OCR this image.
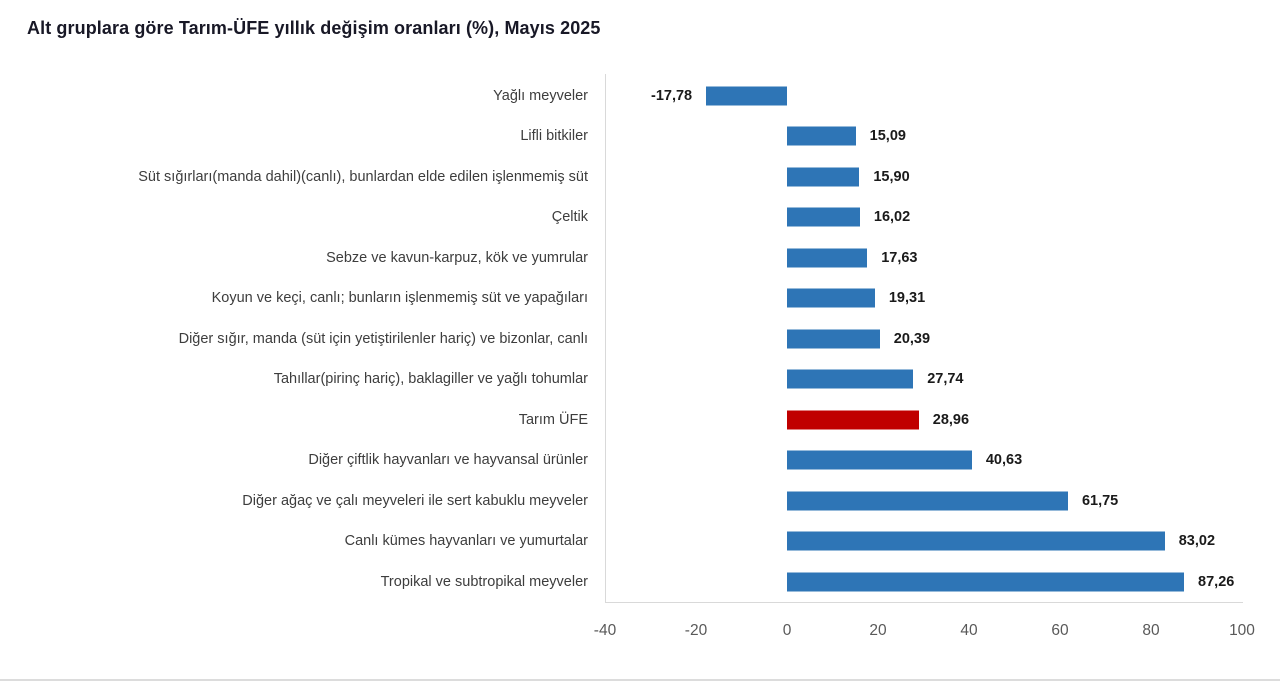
Alt gruplara göre Tarım-ÜFE yıllık değişim oranları (%), Mayıs 2025
Yağlı meyveler	-17,78
Lifli bitkiler	15,09
Süt sığırları(manda dahil)(canlı), bunlardan elde edilen işlenmemiş süt	15,90
Çeltik	16,02
Sebze ve kavun-karpuz, kök ve yumrular	17,63
Koyun ve keçi, canlı; bunların işlenmemiş süt ve yapağıları	19,31
Diğer sığır, manda (süt için yetiştirilenler hariç) ve bizonlar, canlı	20,39
Tahıllar(pirinç hariç), baklagiller ve yağlı tohumlar	27,74
Tarım ÜFE	28,96
Diğer çiftlik hayvanları ve hayvansal ürünler	40,63
Diğer ağaç ve çalı meyveleri ile sert kabuklu meyveler	61,75
Canlı kümes hayvanları ve yumurtalar	83,02
Tropikal ve subtropikal meyveler	87,26
-40	-20	0	20	40	60	80	100
